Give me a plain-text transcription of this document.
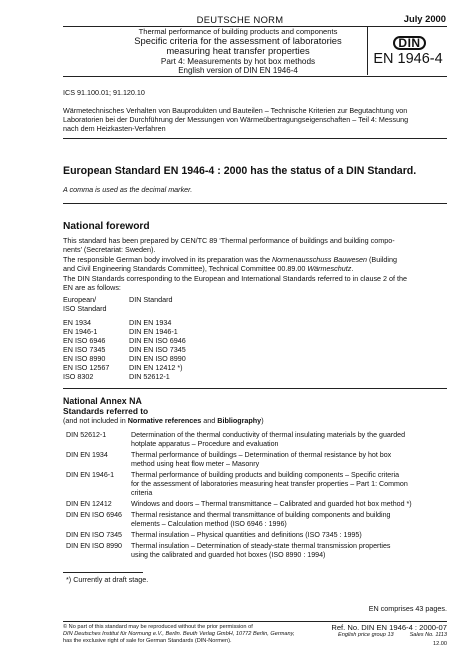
DEUTSCHE NORM	July 2000
Thermal performance of building products and components
Specific criteria for the assessment of laboratories
measuring heat transfer properties
Part 4: Measurements by hot box methods
English version of DIN EN 1946-4
DIN
EN 1946-4
ICS 91.100.01; 91.120.10
Wärmetechnisches Verhalten von Bauprodukten und Bauteilen – Technische Kriterien zur Begutachtung von
Laboratorien bei der Durchführung der Messungen von Wärmeübertragungseigenschaften – Teil 4: Messung
nach dem Heizkasten-Verfahren
European Standard EN 1946-4 : 2000 has the status of a DIN Standard.
A comma is used as the decimal marker.
National foreword
This standard has been prepared by CEN/TC 89 ‘Thermal performance of buildings and building compo-
nents’ (Secretariat: Sweden).
The responsible German body involved in its preparation was the Normenausschuss Bauwesen (Building
and Civil Engineering Standards Committee), Technical Committee 00.89.00 Wärmeschutz.
The DIN Standards corresponding to the European and International Standards referred to in clause 2 of the
EN are as follows:
European/
ISO Standard
DIN Standard
EN 1934	DIN EN 1934
EN 1946-1	DIN EN 1946-1
EN ISO 6946	DIN EN ISO 6946
EN ISO 7345	DIN EN ISO 7345
EN ISO 8990	DIN EN ISO 8990
EN ISO 12567	DIN EN 12412 *)
ISO 8302	DIN 52612-1
National Annex NA
Standards referred to
(and not included in Normative references and Bibliography)
DIN 52612-1	Determination of the thermal conductivity of thermal insulating materials by the guarded
hotplate apparatus – Procedure and evaluation
DIN EN 1934	Thermal performance of buildings – Determination of thermal resistance by hot box
method using heat flow meter – Masonry
DIN EN 1946-1	Thermal performance of building products and building components – Specific criteria
for the assessment of laboratories measuring heat transfer properties – Part 1: Common
criteria
DIN EN 12412	Windows and doors – Thermal transmittance – Calibrated and guarded hot box method *)
DIN EN ISO 6946	Thermal resistance and thermal transmittance of building components and building
elements – Calculation method (ISO 6946 : 1996)
DIN EN ISO 7345	Thermal insulation – Physical quantities and definitions (ISO 7345 : 1995)
DIN EN ISO 8990	Thermal insulation – Determination of steady-state thermal transmission properties
using the calibrated and guarded hot boxes (ISO 8990 : 1994)
*) Currently at draft stage.
EN comprises 43 pages.
© No part of this standard may be reproduced without the prior permission of
DIN Deutsches Institut für Normung e.V., Berlin. Beuth Verlag GmbH, 10772 Berlin, Germany,
has the exclusive right of sale for German Standards (DIN-Normen).
Ref. No. DIN EN 1946-4 : 2000-07
English price group 13	Sales No. 1113
12.00
